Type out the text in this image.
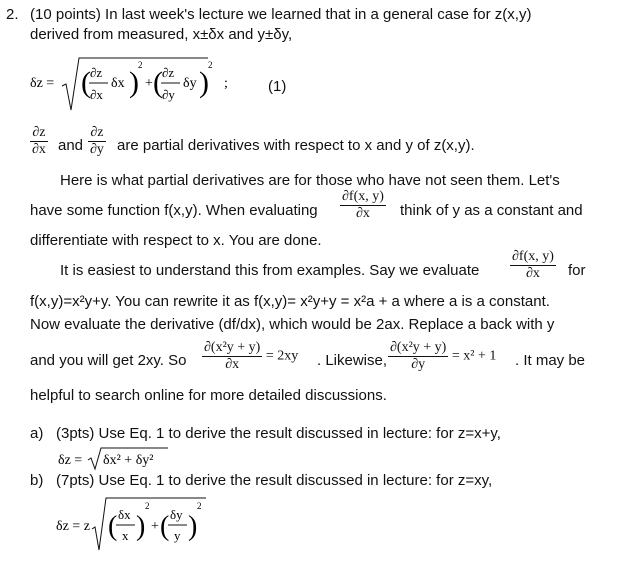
2. (10 points) In last week's lecture we learned that in a general case for z(x,y)
derived from measured, x±δx and y±δy,
δz = ( ∂z
∂x
δx )
2
+ ( ∂z
∂y
δy )
2
;	(1)
$\frac{\partial z}{\partial x}$ and $\frac{\partial z}{\partial y}$ are partial derivatives with respect to x and y of z(x,y).
Here is what partial derivatives are for those who have not seen them. Let's
have some function f(x,y). When evaluating $\frac{\partial f(x, y)}{\partial x}$ think of y as a constant and
differentiate with respect to x. You are done.
It is easiest to understand this from examples. Say we evaluate $\frac{\partial f(x, y)}{\partial x}$ for
f(x,y)=x²y+y. You can rewrite it as f(x,y)= x²y+y = x²a + a where a is a constant.
Now evaluate the derivative (df/dx), which would be 2ax. Replace a back with y
and you will get 2xy. So $\frac{\text{∂(x²y + y)}}{\partial x} = 2xy$ . Likewise, $\frac{\text{∂(x²y + y)}}{\partial y} = x^2 + 1$ . It may be
helpful to search online for more detailed discussions.
a) (3pts) Use Eq. 1 to derive the result discussed in lecture: for z=x+y,
δz = δx² + δy²
b) (7pts) Use Eq. 1 to derive the result discussed in lecture: for z=xy,
δz = z ( δx
x )
2
+ ( δy
y )
2
